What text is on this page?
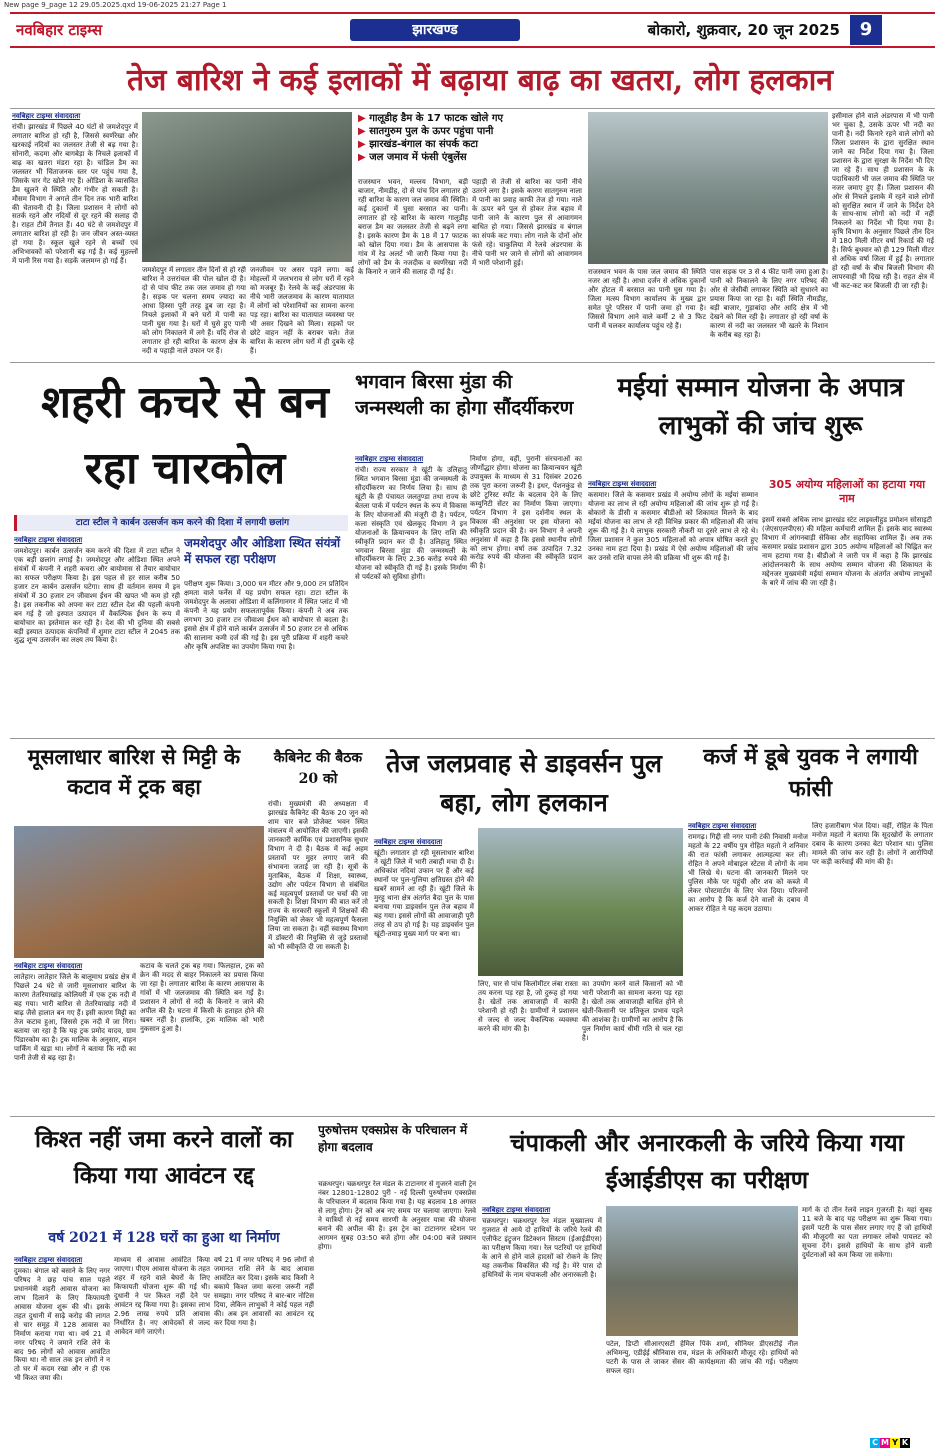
New page 9_page 12 29.05.2025.qxd 19-06-2025 21:27 Page 1
नवबिहार टाइम्स	झारखण्ड	बोकारो, शुक्रवार, 20 जून 2025	9
तेज बारिश ने कई इलाकों में बढ़ाया बाढ़ का खतरा, लोग हलकान
नवबिहार टाइम्स संवाददाता

रांची। झारखंड में पिछले 40 घंटों से जमशेदपुर में लगातार बारिश हो रही है, जिससे स्वर्णरेखा और खरकाई नदियों का जलस्तर तेजी से बढ़ गया है। सोनारी, कदमा और बागबेड़ा के निचले इलाकों में बाढ़ का खतरा मंडरा रहा है। चांडिल डैम का जलस्तर भी चिंताजनक स्तर पर पहुंच गया है, जिसके चार गेट खोले गए हैं। ओडिशा के व्यासवित डैम खुलने से स्थिति और गंभीर हो सकती है। मौसम विभाग ने अगले तीन दिन तक भारी बारिश की चेतावनी दी है। जिला प्रशासन ने लोगों को सतर्क रहने और नदियों से दूर रहने की सलाह दी है। राहत टीमें तैनात हैं। 40 घंटे से जमशेदपुर में लगातार बारिश हो रही है। जन जीवन अस्त-व्यस्त हो गया है। स्कूल खुले रहने से बच्चों एवं अभिभावकों को परेशानी बढ़ गई है। कई मुहल्लों में पानी रिस गया है। सड़कें जलमग्न हो गई हैं।

जमशेदपुर में लगातार तीन दिनों से हो रही बारिश ने उत्तरांचल की पोल खोल दी है। दो से पांच फीट तक जल जमाव हो गया है। सड़क पर चलना समय ज्यादा का आधा हिस्सा पूरी तरह डूब जा रहा है। निचले इलाकों में बने घरों में पानी का पानी घुस गया है। घरों में घुसे हुए पानी को लोग निकालने में लगे हैं। यदि रोज से लगातार हो रही बारिश के कारण क्षेत्र के नदी व पहाड़ी नाले उफान पर हैं।

जनजीवन पर असर पड़ने लगा। कई मोहल्लों में जलभराव से लोग घरों में रहने को मजबूर हैं। रेलवे के कई अंडरपास के नीचे भारी जलजमाव के कारण यातायात में लोगों को परेशानियों का सामना करना पड़ रहा। बारिश का यातायात व्यवस्था पर भी असर दिखने को मिला। सड़कों पर छोटे वाहन नहीं के बराबर चले। तेज बारिश के कारण लोग घरों में ही दुबके रहे हैं।

▶ गालूडीह डैम के 17 फाटक खोले गए
▶ सातगुरुम पुल के ऊपर पहुंचा पानी
▶ झारखंड-बंगाल का संपर्क कटा
▶ जल जमाव में फंसी एंबुलेंस

राजस्थान भवन, मल्लय विभाग, बड़ी बाजार, नीमडीह, दो से पांच दिन लगातार हो रही बारिश के कारण जल जमाव की स्थिति। कई दुकानों में घुसा बरसात का पानी। लगातार हो रहे बारिश के कारण गालूडीह बराज डैम का जलस्तर तेजी से बढ़ने लगा है। इसके कारण डैम के 18 में 17 फाटक को खोल दिया गया। डैम के आसपास के गांव में रेड अलर्ट भी जारी किया गया है। लोगों को डैम के नजदीक व स्वर्णरेखा नदी के किनारे न जाने की सलाह दी गई है।

पहाड़ी से तेजी से बारिश का पानी नीचे उतरने लगा है। इसके कारण सातगुरुम नाला में पानी का प्रवाह काफी तेज हो गया। नाले के ऊपर बने पुल से होकर तेज बहाव में पानी जाने के कारण पुल से आवागमन बाधित हो गया। जिससे झारखंड व बंगाल का संपर्क कट गया। लोग नाले के दोनों ओर फंसे रहे। चाकुलिया में रेलवे अंडरपास के नीचे पानी भर जाने से लोगों को आवागमन में भारी परेशानी हुई।

राजस्थान भवन के पास जल जमाव की स्थिति नजर आ रही है। आधा दर्जन से अधिक दुकानों और होटल में बरसात का पानी घुस गया है। जिला मत्स्य विभाग कार्यालय के मुख्य द्वार समेत पूरे परिसर में पानी जमा हो गया है। जिससे विभाग आने वाले कर्मी 2 से 3 फिट पानी में चलकर कार्यालय पहुंच रहे हैं।

पास सड़क पर 3 से 4 फीट पानी जमा हुआ है। पानी को निकालने के लिए नगर परिषद की ओर से जेसीबी लगाकर स्थिति को सुधारने का प्रयास किया जा रहा है। वहीं स्थिति नीमडीह, बड़ी बाजार, गुड़ाबांदा और आदि क्षेत्र में भी देखने को मिल रही है। लगातार हो रही वर्षा के कारण से नदी का जलस्तर भी खतरे के निशान के करीब बह रहा है।

इसीमाल होने वाले अंडरपास में भी पानी भर चुका है, उसके ऊपर भी नदी का पानी है। नदी किनारे रहने वाले लोगों को जिला प्रशासन के द्वारा सुरक्षित स्थान जाने का निर्देश दिया गया है। जिला प्रशासन के द्वारा सुरक्षा के निर्देश भी दिए जा रहे हैं। साथ ही प्रशासन के के पदाधिकारी भी जल जमाव की स्थिति पर नजर जमाए हुए हैं। जिला प्रशासन की ओर से निचले इलाके में रहने वाले लोगों को सुरक्षित स्थान में जाने के निर्देश देने के साथ-साथ लोगों को नदी में नहीं निकलने का निर्देश भी दिया गया है। कृषि विभाग के अनुसार पिछले तीन दिन में 180 मिली मीटर वर्षा रिकार्ड की गई है। सिर्फ बुधवार को ही 129 मिली मीटर से अधिक वर्षा जिला में हुई है। लगातार हो रही वर्षा के बीच बिजली विभाग की लापरवाही भी दिख रही है। राहत क्षेत्र में भी कट-कट कर बिजली दी जा रही है।

शहरी कचरे से बन रहा चारकोल
टाटा स्टील ने कार्बन उत्सर्जन कम करने की दिशा में लगायी छलांग
नवबिहार टाइम्स संवाददाता

जमशेदपुर। कार्बन उत्सर्जन कम करने की दिशा में टाटा स्टील ने एक बड़ी छलांग लगाई है। जमशेदपुर और ओडिशा स्थित अपने संयंत्रों में कंपनी ने शहरी कचरा और बायोमास से तैयार बायोचार का सफल परीक्षण किया है। इस पहल से हर साल करीब 50 हजार टन कार्बन उत्सर्जन घटेगा। साथ ही वर्तमान समय में इन संयंत्रों में 30 हजार टन जीवाश्म ईंधन की खपत भी कम हो रही है। इस तकनीक को अपना कर टाटा स्टील देश की पहली कंपनी बन गई है जो इस्पात उत्पादन में वैकल्पिक ईंधन के रूप में बायोचार का इस्तेमाल कर रही है। देश की भी दुनिया की सबसे बड़ी इस्पात उत्पादक कंपनियों में शुमार टाटा स्टील ने 2045 तक शुद्ध शून्य उत्सर्जन का लक्ष्य तय किया है।

जमशेदपुर और ओडिशा स्थित संयंत्रों में सफल रहा परीक्षण

परीक्षण शुरू किया। 3,000 घन मीटर और 9,000 टन प्रतिदिन क्षमता वाले फर्नेस में यह प्रयोग सफल रहा। टाटा स्टील के जमशेदपुर के अलावा ओडिशा में कलिंगानगर में स्थित प्लांट में भी कंपनी ने यह प्रयोग सफलतापूर्वक किया। कंपनी ने अब तक लगभग 30 हजार टन जीवाश्म ईंधन को बायोचार से बदला है। इससे क्षेत्र में होने वाले कार्बन उत्सर्जन में 50 हजार टन से अधिक की सालाना कमी दर्ज की गई है। इस पूरी प्रक्रिया में शहरी कचरे और कृषि अपशिष्ट का उपयोग किया गया है।

भगवान बिरसा मुंडा की जन्मस्थली का होगा सौंदर्यीकरण
नवबिहार टाइम्स संवाददाता

रांची। राज्य सरकार ने खूंटी के उलिहातु स्थित भगवान बिरसा मुंडा की जन्मस्थली के सौंदर्यीकरण का निर्णय लिया है। साथ ही खूंटी के ही पंचायत जलतुण्डा तथा राज्य के बेतला पार्क में पर्यटन स्थल के रूप में विकास के लिए योजनाओं की मंजूरी दी है। पर्यटन, कला संस्कृति एवं खेलकूद विभाग ने इन योजनाओं के क्रियान्वयन के लिए राशि की स्वीकृति प्रदान कर दी है। उलिहातु स्थित भगवान बिरसा मुंडा की जन्मस्थली के सौंदर्यीकरण के लिए 2.36 करोड़ रुपये की योजना को स्वीकृति दी गई है। इसके निर्माण से पर्यटकों को सुविधा होगी।

निर्माण होगा, वहीं, पुरानी संरचनाओं का जीर्णोद्धार होगा। योजना का क्रियान्वयन खूंटी उपायुक्त के माध्यम से 31 दिसंबर 2026 तक पूरा करना जरूरी है। इधर, पेंशनकुंड से छोटे टूरिस्ट स्पॉट के बदलाव देने के लिए कम्युनिटी सेंटर का निर्माण किया जाएगा। पर्यटन विभाग ने इस दर्शनीय स्थल के विकास की अनुशंसा पर इस योजना को स्वीकृति प्रदान की है। वन विभाग ने अपनी अनुशंसा में कहा है कि इससे स्थानीय लोगों को लाभ होगा। वर्षा तक उत्पादित 7.32 करोड़ रुपये की योजना की स्वीकृति प्रदान की है।

मईयां सम्मान योजना के अपात्र लाभुकों की जांच शुरू
नवबिहार टाइम्स संवाददाता

कसमार। जिले के कसमार प्रखंड में अयोग्य लोगों के मईयां सम्मान योजना का लाभ ले रही अयोग्य महिलाओं की जांच शुरू हो गई है। बोकारो के डीसी व कसमार बीडीओ को शिकायत मिलने के बाद मईयां योजना का लाभ ले रही विभिन्न प्रकार की महिलाओं की जांच शुरू की गई है। ये लाभुक सरकारी नौकरी या दूसरे लाभ ले रहे थे। जिला प्रशासन ने कुल 305 महिलाओं को अपात्र घोषित करते हुए उनका नाम हटा दिया है। प्रखंड में ऐसे अयोग्य महिलाओं की जांच कर उनसे राशि वापस लेने की प्रक्रिया भी शुरू की गई है।

305 अयोग्य महिलाओं का हटाया गया नाम

इसमें सबसे अधिक लाभ झारखंड स्टेट लाइवलीहुड प्रमोशन सोसाइटी (जेएसएलपीएस) की महिला कर्मचारी शामिल हैं। इसके बाद स्वास्थ्य विभाग में आंगनबाड़ी सेविका और सहायिका शामिल हैं। अब तक कसमार प्रखंड प्रशासन द्वारा 305 अयोग्य महिलाओं को चिह्नित कर नाम हटाया गया है। बीडीओ ने जारी पत्र में कहा है कि झारखंड आंदोलनकारी के साथ अयोग्य सम्मान योजना की शिकायत के मद्देनजर मुख्यमंत्री मईयां सम्मान योजना के अंतर्गत अयोग्य लाभुकों के बारे में जांच की जा रही है।

मूसलाधार बारिश से मिट्टी के कटाव में ट्रक बहा
नवबिहार टाइम्स संवाददाता

लातेहार। लातेहार जिले के बालूमाथ प्रखंड क्षेत्र में पिछले 24 घंटे से जारी मूसलाधार बारिश के कारण तेतरियाखांड़ कोलियरी में एक ट्रक नदी में बह गया। भारी बारिश से तेतरियाखांड़ नदी में बाढ़ जैसे हालात बन गए हैं। इसी कारण मिट्टी का तेज कटाव हुआ, जिससे ट्रक नदी में जा गिरा। बताया जा रहा है कि यह ट्रक प्रमोद यादव, ग्राम पिंडारकोम का है। ट्रक मालिक के अनुसार, वाहन पार्किंग में खड़ा था। लोगों ने बताया कि नदी का पानी तेजी से बढ़ रहा है।

कटाव के चलते ट्रक बह गया। फिलहाल, ट्रक को क्रेन की मदद से बाहर निकालने का प्रयास किया जा रहा है। लगातार बारिश के कारण आसपास के गांवों में भी जलजमाव की स्थिति बन गई है। प्रशासन ने लोगों से नदी के किनारे न जाने की अपील की है। घटना में किसी के हताहत होने की खबर नहीं है। हालांकि, ट्रक मालिक को भारी नुकसान हुआ है।

कैबिनेट की बैठक 20 को

रांची। मुख्यमंत्री की अध्यक्षता में झारखंड कैबिनेट की बैठक 20 जून को शाम चार बजे प्रोजेक्ट भवन स्थित मंत्रालय में आयोजित की जाएगी। इसकी जानकारी कार्मिक एवं प्रशासनिक सुधार विभाग ने दी है। बैठक में कई अहम प्रस्तावों पर मुहर लगाए जाने की संभावना जताई जा रही है। सूत्रों के मुताबिक, बैठक में शिक्षा, स्वास्थ्य, उद्योग और पर्यटन विभाग से संबंधित कई महत्वपूर्ण प्रस्तावों पर चर्चा की जा सकती है। शिक्षा विभाग की बात करें तो राज्य के सरकारी स्कूलों में शिक्षकों की नियुक्ति को लेकर भी महत्वपूर्ण फैसला लिया जा सकता है। वहीं स्वास्थ्य विभाग में डॉक्टरों की नियुक्ति से जुड़े प्रस्तावों को भी स्वीकृति दी जा सकती है।

तेज जलप्रवाह से डाइवर्सन पुल बहा, लोग हलकान
नवबिहार टाइम्स संवाददाता

खूंटी। लगातार हो रही मूसलाधार बारिश ने खूंटी जिले में भारी तबाही मचा दी है। अधिकांश नदियां उफान पर हैं और कई स्थानों पर पुल-पुलिया क्षतिग्रस्त होने की खबरें सामने आ रही हैं। खूंटी जिले के मुरहू थाना क्षेत्र अंतर्गत बैदा पुल के पास बनाया गया डाइवर्सन पुल तेज बहाव में बह गया। इससे लोगों की आवाजाही पूरी तरह से ठप हो गई है। यह डाइवर्सन पुल खूंटी-तमाड़ मुख्य मार्ग पर बना था।

लिए, चार से पांच किलोमीटर लंबा रास्ता तय करना पड़ रहा है, जो दुरूह हो गया है। खेतों तक आवाजाही में काफी परेशानी हो रही है। ग्रामीणों ने प्रशासन से जल्द से जल्द वैकल्पिक व्यवस्था करने की मांग की है।

का उपयोग करने वाले किसानों को भी भारी परेशानी का सामना करना पड़ रहा है। खेतों तक आवाजाही बाधित होने से खेती-किसानी पर प्रतिकूल प्रभाव पड़ने की आशंका है। ग्रामीणों का आरोप है कि पुल निर्माण कार्य धीमी गति से चल रहा है।

कर्ज में डूबे युवक ने लगायी फांसी
नवबिहार टाइम्स संवाददाता

रामगढ़। गिद्दी सी नगर पानी टंकी निवासी मनोज महतो के 22 वर्षीय पुत्र रोहित महतो ने शनिवार की रात फांसी लगाकर आत्महत्या कर ली। रोहित ने अपने मोबाइल स्टेटस में लोगों के नाम भी लिखे थे। घटना की जानकारी मिलने पर पुलिस मौके पर पहुंची और शव को कब्जे में लेकर पोस्टमार्टम के लिए भेज दिया। परिजनों का आरोप है कि कर्ज देने वालों के दबाव में आकर रोहित ने यह कदम उठाया।

लिए हजारीबाग भेज दिया। वहीं, रोहित के पिता मनोज महतो ने बताया कि सूदखोरों के लगातार दबाव के कारण उनका बेटा परेशान था। पुलिस मामले की जांच कर रही है। लोगों ने आरोपियों पर कड़ी कार्रवाई की मांग की है।

किश्त नहीं जमा करने वालों का किया गया आवंटन रद्द
वर्ष 2021 में 128 घरों का हुआ था निर्माण
नवबिहार टाइम्स संवाददाता

दुमका। बंगाल को बसाने के लिए नगर परिषद ने छह पांच साल पहले प्रधानमंत्री शहरी आवास योजना का लाभ दिलाने के लिए किफायती आवास योजना शुरू की थी। इसके तहत दुधानी में साढ़े करोड़ की लागत से चार समूह में 128 आवास का निर्माण कराया गया था। वर्ष 21 में नगर परिषद ने जमाने राशि लेने के बाद 96 लोगों को आवास आवंटित किया था। नौ साल तक इन लोगों ने न तो घर में कदम रखा और न ही एक भी किश्त जमा की।

माध्यम से आवास आवंटित किया जाएगा। पीएम आवास योजना के तहत शहर में रहने वाले बेघरों के लिए किफायती योजना शुरू की गई थी। दुधानी ने पर किश्त नहीं देने पर आवंटन रद्द किया गया है। इसका लाभ 2.96 लाख रुपये प्रति आवास निर्धारित है। नए आवेदकों से जल्द आवेदन मांगे जाएंगे।

वर्ष 21 में नगर परिषद ने 96 लोगों से जमानत राशि लेने के बाद आवास आवंटित कर दिया। इसके बाद किसी ने बकाये किश्त जमा करना जरूरी नहीं समझा। नगर परिषद ने बार-बार नोटिस दिया, लेकिन लाभुकों ने कोई पहल नहीं की। अब इन आवासों का आवंटन रद्द कर दिया गया है।

पुरुषोत्तम एक्सप्रेस के परिचालन में होगा बदलाव

चक्रधरपुर। चक्रधरपुर रेल मंडल के टाटानगर से गुजरने वाली ट्रेन नंबर 12801-12802 पुरी - नई दिल्ली पुरुषोत्तम एक्सप्रेस के परिचालन में बदलाव किया गया है। यह बदलाव 18 अगस्त से लागू होगा। ट्रेन को अब नए समय पर चलाया जाएगा। रेलवे ने यात्रियों से नई समय सारणी के अनुसार यात्रा की योजना बनाने की अपील की है। इस ट्रेन का टाटानगर स्टेशन पर आगमन सुबह 03:50 बजे होगा और 04:00 बजे प्रस्थान होगा।

चंपाकली और अनारकली के जरिये किया गया ईआईडीएस का परीक्षण
नवबिहार टाइम्स संवाददाता

चक्रधरपुर। चक्रधरपुर रेल मंडल मुख्यालय में गुजरात से आये दो हाथियों के जरिये रेलवे की एलीफेंट इंट्रूजन डिटेक्शन सिस्टम (ईआईडीएस) का परीक्षण किया गया। रेल पटरियों पर हाथियों के आने से होने वाले हादसों को रोकने के लिए यह तकनीक विकसित की गई है। मेरे पास दो हथिनियों के नाम चंपाकली और अनारकली है।

पटेल, डिप्टी सीआरएसटी हेमिल पिंके शर्मा, सीनियर डीएसटीई नील अभिमन्यु, एडीईई श्रीनिवास राव, मंडल के अधिकारी मौजूद रहे। हाथियों को पटरी के पास ले जाकर सेंसर की कार्यक्षमता की जांच की गई। परीक्षण सफल रहा।

मार्ग के दो तीन रेलवे लाइन गुजरती है। यहां सुबह 11 बजे के बाद यह परीक्षण का शुरू किया गया। इसमें पटरी के पास सेंसर लगाए गए हैं जो हाथियों की मौजूदगी का पता लगाकर लोको पायलट को सूचना देंगे। इससे हाथियों के साथ होने वाली दुर्घटनाओं को कम किया जा सकेगा।

C M Y K
